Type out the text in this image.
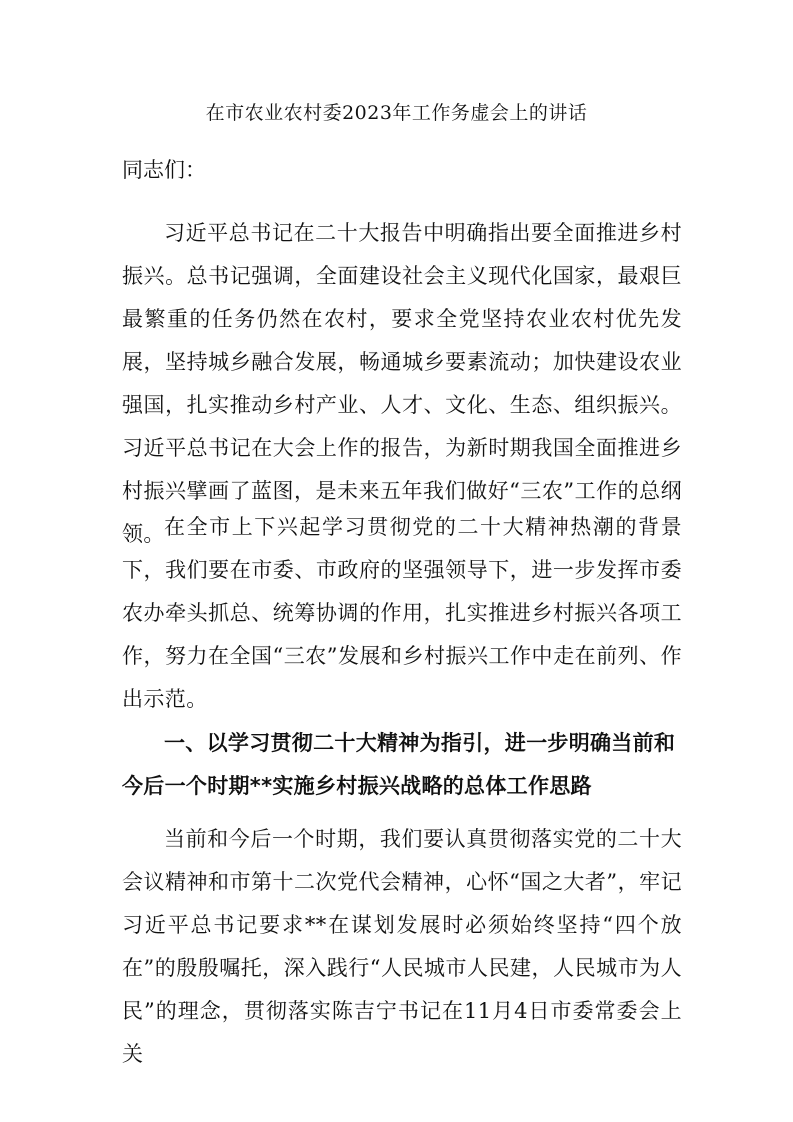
在市农业农村委2023年工作务虚会上的讲话
同志们：

习近平总书记在二十大报告中明确指出要全面推进乡村振兴。总书记强调，全面建设社会主义现代化国家，最艰巨最繁重的任务仍然在农村，要求全党坚持农业农村优先发展，坚持城乡融合发展，畅通城乡要素流动；加快建设农业强国，扎实推动乡村产业、人才、文化、生态、组织振兴。习近平总书记在大会上作的报告，为新时期我国全面推进乡村振兴擘画了蓝图，是未来五年我们做好“三农”工作的总纲领。 在全市上下兴起学习贯彻党的二十大精神热潮的背景下，我们要在市委、市政府的坚强领导下，进一步发挥市委农办牵头抓总、统筹协调的作用，扎实推进乡村振兴各项工作，努力在全国“三农”发展和乡村振兴工作中走在前列、作出示范。

一、以学习贯彻二十大精神为指引，进一步明确当前和今后一个时期**实施乡村振兴战略的总体工作思路

当前和今后一个时期，我们要认真贯彻落实党的二十大会议精神和市第十二次党代会精神，心怀“国之大者”，牢记习近平总书记要求**在谋划发展时必须始终坚持“四个放在”的殷殷嘱托，深入践行“人民城市人民建，人民城市为人民”的理念，贯彻落实陈吉宁书记在11月4日市委常委会上关
